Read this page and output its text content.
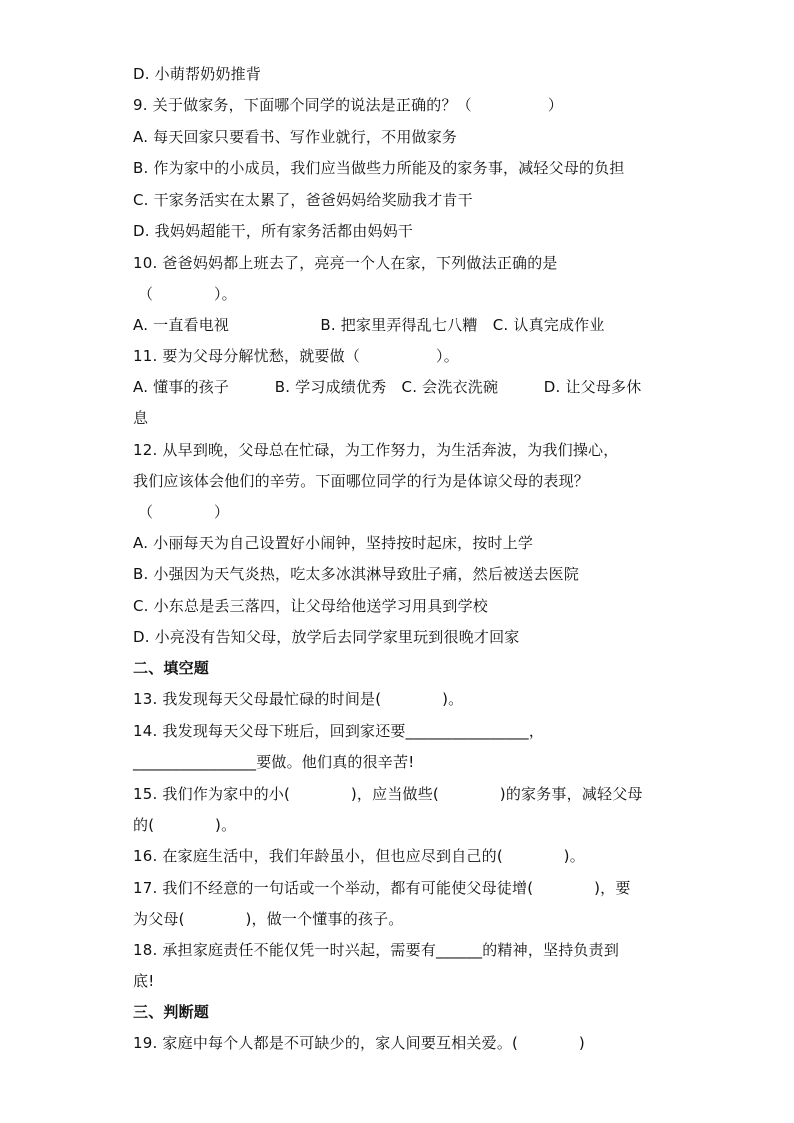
D. 小萌帮奶奶推背
9. 关于做家务，下面哪个同学的说法是正确的？（　　　　　）
A. 每天回家只要看书、写作业就行，不用做家务
B. 作为家中的小成员，我们应当做些力所能及的家务事，减轻父母的负担
C. 干家务活实在太累了，爸爸妈妈给奖励我才肯干
D. 我妈妈超能干，所有家务活都由妈妈干
10. 爸爸妈妈都上班去了，亮亮一个人在家，下列做法正确的是
（　　　　）。
A. 一直看电视　　　　　　B. 把家里弄得乱七八糟　C. 认真完成作业
11. 要为父母分解忧愁，就要做（　　　　　）。
A. 懂事的孩子　　　B. 学习成绩优秀　C. 会洗衣洗碗　　　D. 让父母多休
息
12. 从早到晚，父母总在忙碌，为工作努力，为生活奔波，为我们操心，
我们应该体会他们的辛劳。下面哪位同学的行为是体谅父母的表现？
（　　　　）
A. 小丽每天为自己设置好小闹钟，坚持按时起床，按时上学
B. 小强因为天气炎热，吃太多冰淇淋导致肚子痛，然后被送去医院
C. 小东总是丢三落四，让父母给他送学习用具到学校
D. 小亮没有告知父母，放学后去同学家里玩到很晚才回家
二、填空题
13. 我发现每天父母最忙碌的时间是(　　　　)。
14. 我发现每天父母下班后，回到家还要________________，
________________要做。他们真的很辛苦!
15. 我们作为家中的小(　　　　)，应当做些(　　　　)的家务事，减轻父母
的(　　　　)。
16. 在家庭生活中，我们年龄虽小，但也应尽到自己的(　　　　)。
17. 我们不经意的一句话或一个举动，都有可能使父母徒增(　　　　)，要
为父母(　　　　)，做一个懂事的孩子。
18. 承担家庭责任不能仅凭一时兴起，需要有______的精神，坚持负责到
底!
三、判断题
19. 家庭中每个人都是不可缺少的，家人间要互相关爱。(　　　　)
